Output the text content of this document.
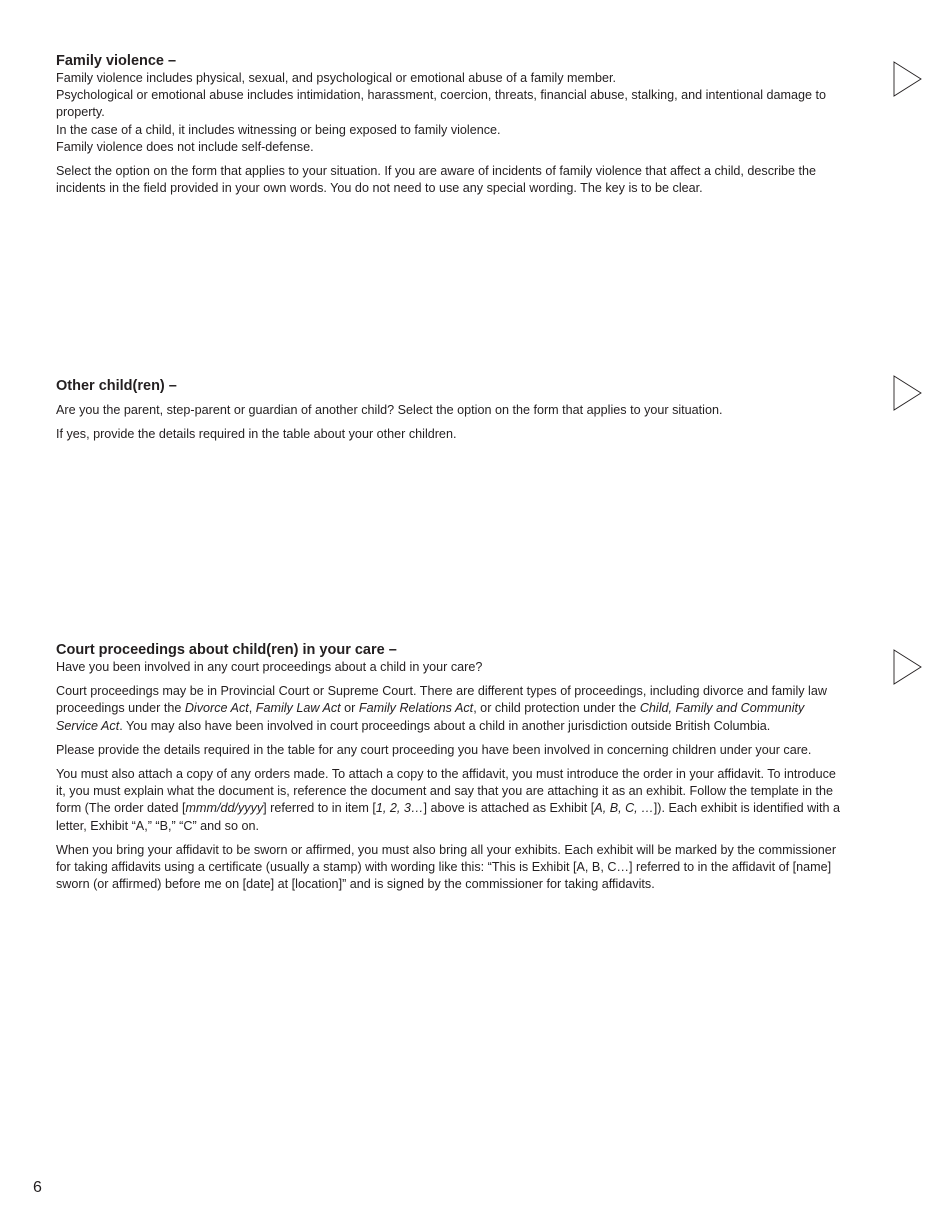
Family violence –

Family violence includes physical, sexual, and psychological or emotional abuse of a family member.

Psychological or emotional abuse includes intimidation, harassment, coercion, threats, financial abuse, stalking, and intentional damage to property.

In the case of a child, it includes witnessing or being exposed to family violence.

Family violence does not include self-defense.

Select the option on the form that applies to your situation. If you are aware of incidents of family violence that affect a child, describe the incidents in the field provided in your own words. You do not need to use any special wording. The key is to be clear.

Other child(ren) –

Are you the parent, step-parent or guardian of another child? Select the option on the form that applies to your situation.

If yes, provide the details required in the table about your other children.

Court proceedings about child(ren) in your care –

Have you been involved in any court proceedings about a child in your care?

Court proceedings may be in Provincial Court or Supreme Court. There are different types of proceedings, including divorce and family law proceedings under the Divorce Act, Family Law Act or Family Relations Act, or child protection under the Child, Family and Community Service Act. You may also have been involved in court proceedings about a child in another jurisdiction outside British Columbia.

Please provide the details required in the table for any court proceeding you have been involved in concerning children under your care.

You must also attach a copy of any orders made. To attach a copy to the affidavit, you must introduce the order in your affidavit. To introduce it, you must explain what the document is, reference the document and say that you are attaching it as an exhibit. Follow the template in the form (The order dated [mmm/dd/yyyy] referred to in item [1, 2, 3…] above is attached as Exhibit [A, B, C, …]). Each exhibit is identified with a letter, Exhibit “A,” “B,” “C” and so on.

When you bring your affidavit to be sworn or affirmed, you must also bring all your exhibits. Each exhibit will be marked by the commissioner for taking affidavits using a certificate (usually a stamp) with wording like this: “This is Exhibit [A, B, C…] referred to in the affidavit of [name] sworn (or affirmed) before me on [date] at [location]” and is signed by the commissioner for taking affidavits.

6
